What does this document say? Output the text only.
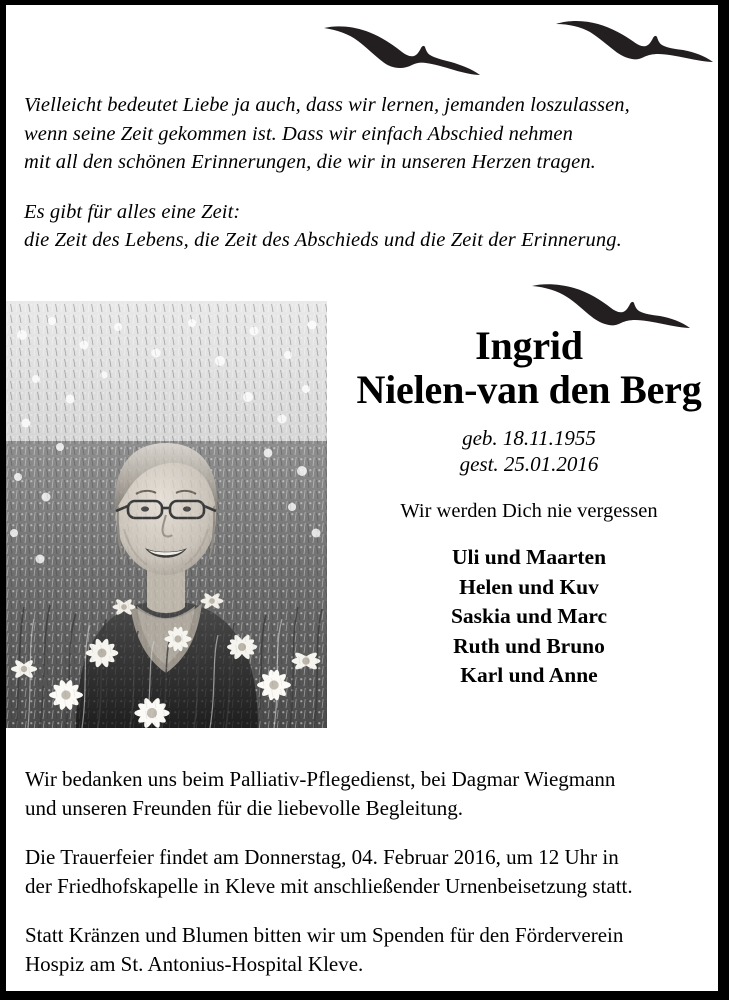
Vielleicht bedeutet Liebe ja auch, dass wir lernen, jemanden loszulassen,

wenn seine Zeit gekommen ist. Dass wir einfach Abschied nehmen

mit all den schönen Erinnerungen, die wir in unseren Herzen tragen.

Es gibt für alles eine Zeit:

die Zeit des Lebens, die Zeit des Abschieds und die Zeit der Erinnerung.

Ingrid
Nielen-van den Berg
geb. 18.11.1955
gest. 25.01.2016
Wir werden Dich nie vergessen
Uli und Maarten
Helen und Kuv
Saskia und Marc
Ruth und Bruno
Karl und Anne

Wir bedanken uns beim Palliativ-Pflegedienst, bei Dagmar Wiegmann

und unseren Freunden für die liebevolle Begleitung.

Die Trauerfeier findet am Donnerstag, 04. Februar 2016, um 12 Uhr in

der Friedhofskapelle in Kleve mit anschließender Urnenbeisetzung statt.

Statt Kränzen und Blumen bitten wir um Spenden für den Förderverein

Hospiz am St. Antonius-Hospital Kleve.
